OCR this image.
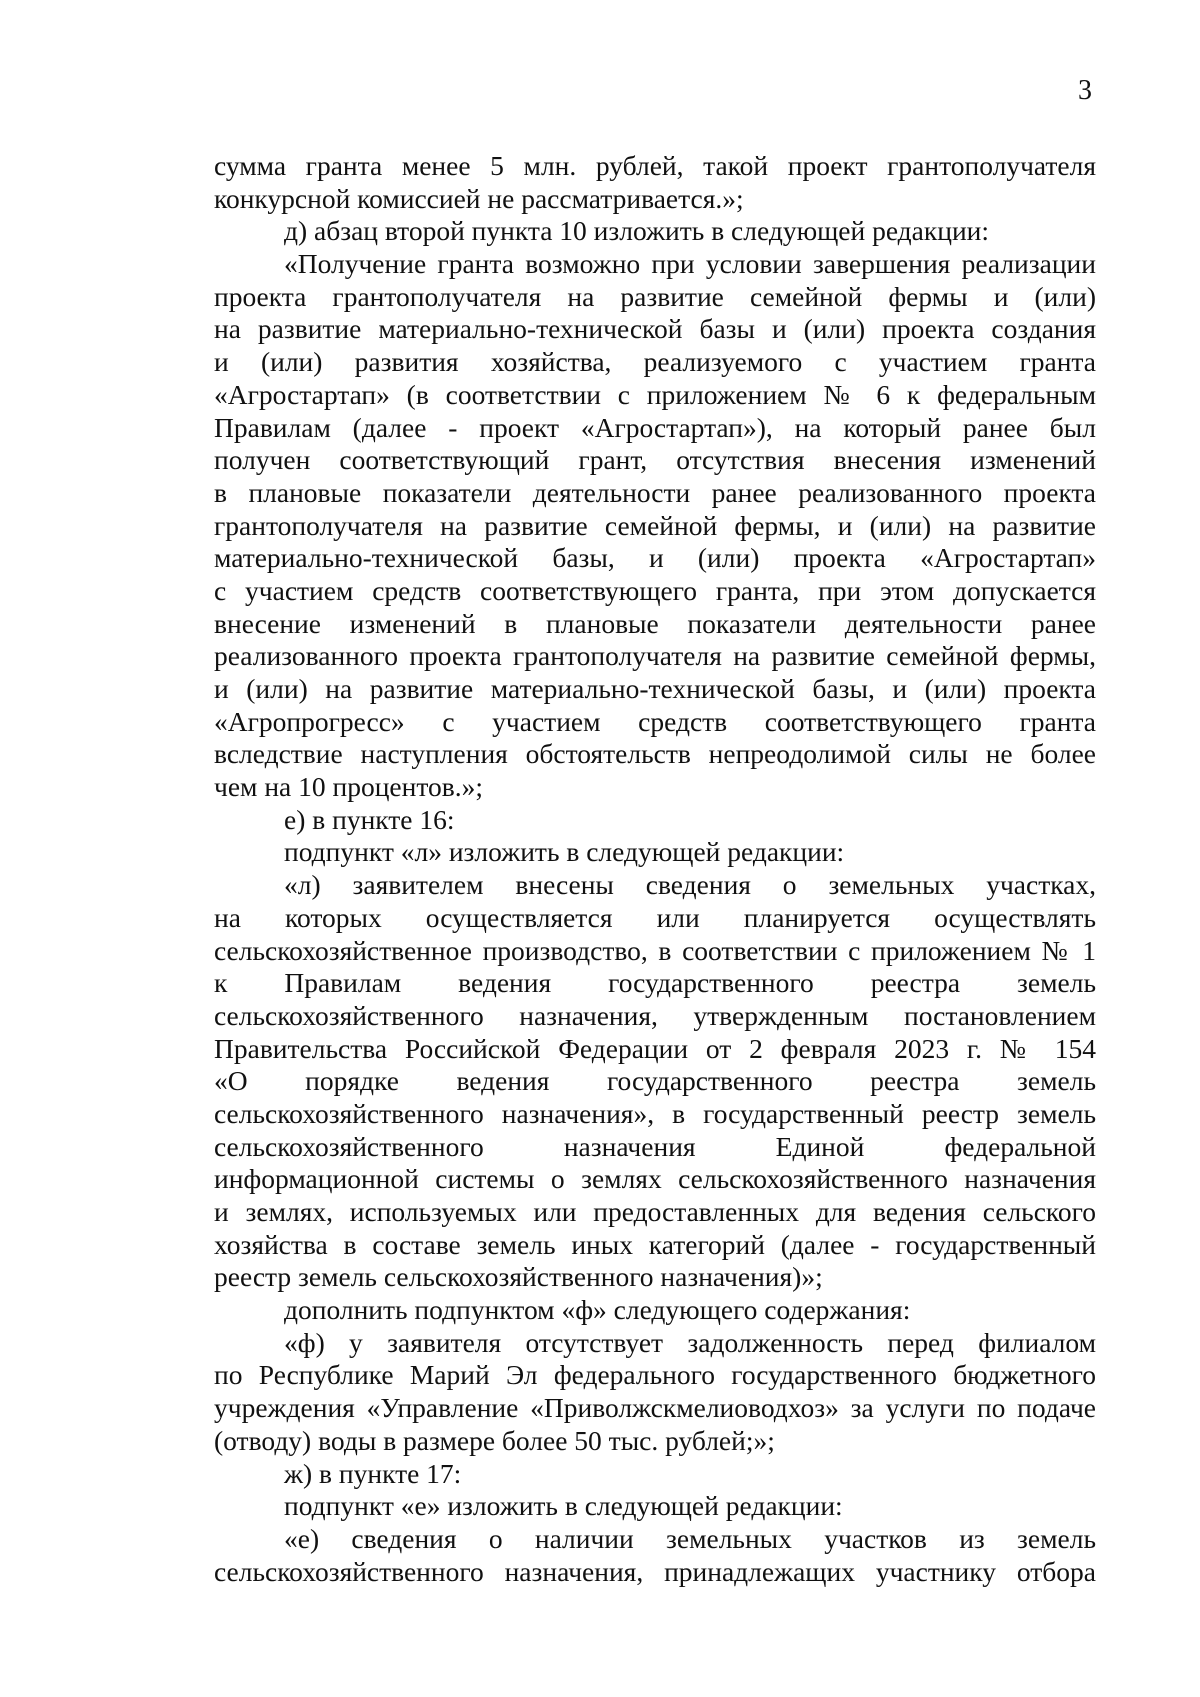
3
сумма гранта менее 5 млн. рублей, такой проект грантополучателя
конкурсной комиссией не рассматривается.»;
д) абзац второй пункта 10 изложить в следующей редакции:
«Получение гранта возможно при условии завершения реализации
проекта грантополучателя на развитие семейной фермы и (или)
на развитие материально-технической базы и (или) проекта создания
и (или) развития хозяйства, реализуемого с участием гранта
«Агростартап» (в соответствии с приложением № 6 к федеральным
Правилам (далее - проект «Агростартап»), на который ранее был
получен соответствующий грант, отсутствия внесения изменений
в плановые показатели деятельности ранее реализованного проекта
грантополучателя на развитие семейной фермы, и (или) на развитие
материально-технической базы, и (или) проекта «Агростартап»
с участием средств соответствующего гранта, при этом допускается
внесение изменений в плановые показатели деятельности ранее
реализованного проекта грантополучателя на развитие семейной фермы,
и (или) на развитие материально-технической базы, и (или) проекта
«Агропрогресс» с участием средств соответствующего гранта
вследствие наступления обстоятельств непреодолимой силы не более
чем на 10 процентов.»;
е) в пункте 16:
подпункт «л» изложить в следующей редакции:
«л) заявителем внесены сведения о земельных участках,
на которых осуществляется или планируется осуществлять
сельскохозяйственное производство, в соответствии с приложением № 1
к Правилам ведения государственного реестра земель
сельскохозяйственного назначения, утвержденным постановлением
Правительства Российской Федерации от 2 февраля 2023 г. № 154
«О порядке ведения государственного реестра земель
сельскохозяйственного назначения», в государственный реестр земель
сельскохозяйственного назначения Единой федеральной
информационной системы о землях сельскохозяйственного назначения
и землях, используемых или предоставленных для ведения сельского
хозяйства в составе земель иных категорий (далее - государственный
реестр земель сельскохозяйственного назначения)»;
дополнить подпунктом «ф» следующего содержания:
«ф) у заявителя отсутствует задолженность перед филиалом
по Республике Марий Эл федерального государственного бюджетного
учреждения «Управление «Приволжскмелиоводхоз» за услуги по подаче
(отводу) воды в размере более 50 тыс. рублей;»;
ж) в пункте 17:
подпункт «е» изложить в следующей редакции:
«е) сведения о наличии земельных участков из земель
сельскохозяйственного назначения, принадлежащих участнику отбора
